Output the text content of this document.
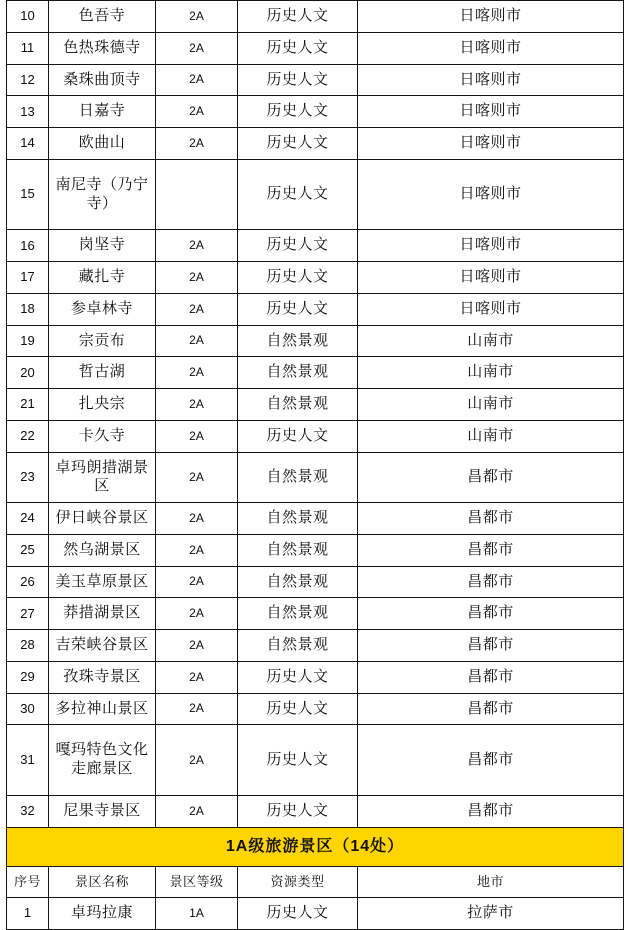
10	色吾寺	2A	历史人文	日喀则市
11	色热珠德寺	2A	历史人文	日喀则市
12	桑珠曲顶寺	2A	历史人文	日喀则市
13	日嘉寺	2A	历史人文	日喀则市
14	欧曲山	2A	历史人文	日喀则市
15	南尼寺（乃宁寺）		历史人文	日喀则市
16	岗坚寺	2A	历史人文	日喀则市
17	藏扎寺	2A	历史人文	日喀则市
18	参卓林寺	2A	历史人文	日喀则市
19	宗贡布	2A	自然景观	山南市
20	哲古湖	2A	自然景观	山南市
21	扎央宗	2A	自然景观	山南市
22	卡久寺	2A	历史人文	山南市
23	卓玛朗措湖景区	2A	自然景观	昌都市
24	伊日峡谷景区	2A	自然景观	昌都市
25	然乌湖景区	2A	自然景观	昌都市
26	美玉草原景区	2A	自然景观	昌都市
27	莽措湖景区	2A	自然景观	昌都市
28	吉荣峡谷景区	2A	自然景观	昌都市
29	孜珠寺景区	2A	历史人文	昌都市
30	多拉神山景区	2A	历史人文	昌都市
31	嘎玛特色文化走廊景区	2A	历史人文	昌都市
32	尼果寺景区	2A	历史人文	昌都市
1A级旅游景区（14处）				
序号	景区名称	景区等级	资源类型	地市
1	卓玛拉康	1A	历史人文	拉萨市
